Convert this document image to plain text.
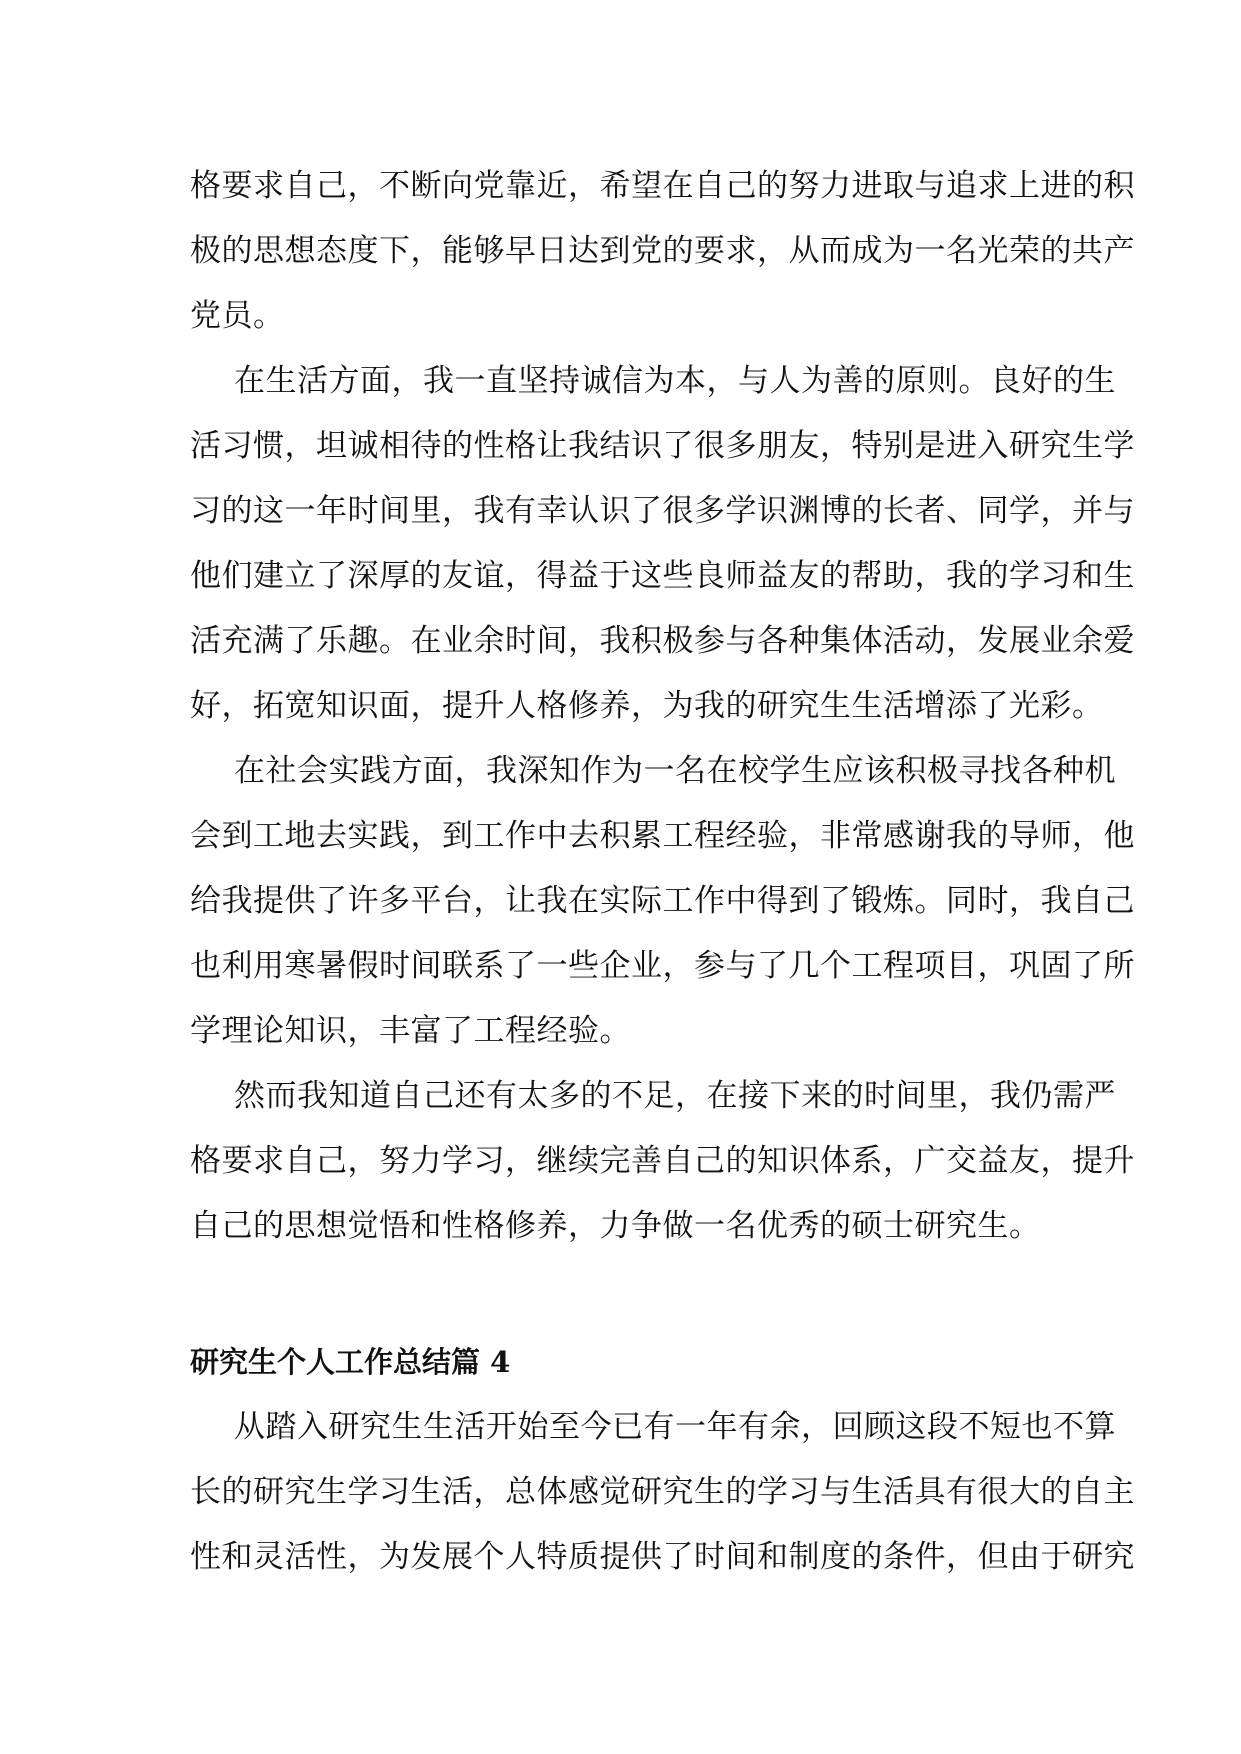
格要求自己，不断向党靠近，希望在自己的努力进取与追求上进的积

极的思想态度下，能够早日达到党的要求，从而成为一名光荣的共产

党员。

在生活方面，我一直坚持诚信为本，与人为善的原则。良好的生

活习惯，坦诚相待的性格让我结识了很多朋友，特别是进入研究生学

习的这一年时间里，我有幸认识了很多学识渊博的长者、同学，并与

他们建立了深厚的友谊，得益于这些良师益友的帮助，我的学习和生

活充满了乐趣。在业余时间，我积极参与各种集体活动，发展业余爱

好，拓宽知识面，提升人格修养，为我的研究生生活增添了光彩。

在社会实践方面，我深知作为一名在校学生应该积极寻找各种机

会到工地去实践，到工作中去积累工程经验，非常感谢我的导师，他

给我提供了许多平台，让我在实际工作中得到了锻炼。同时，我自己

也利用寒暑假时间联系了一些企业，参与了几个工程项目，巩固了所

学理论知识，丰富了工程经验。

然而我知道自己还有太多的不足，在接下来的时间里，我仍需严

格要求自己，努力学习，继续完善自己的知识体系，广交益友，提升

自己的思想觉悟和性格修养，力争做一名优秀的硕士研究生。

研究生个人工作总结篇 4

从踏入研究生生活开始至今已有一年有余，回顾这段不短也不算

长的研究生学习生活，总体感觉研究生的学习与生活具有很大的自主

性和灵活性，为发展个人特质提供了时间和制度的条件，但由于研究
